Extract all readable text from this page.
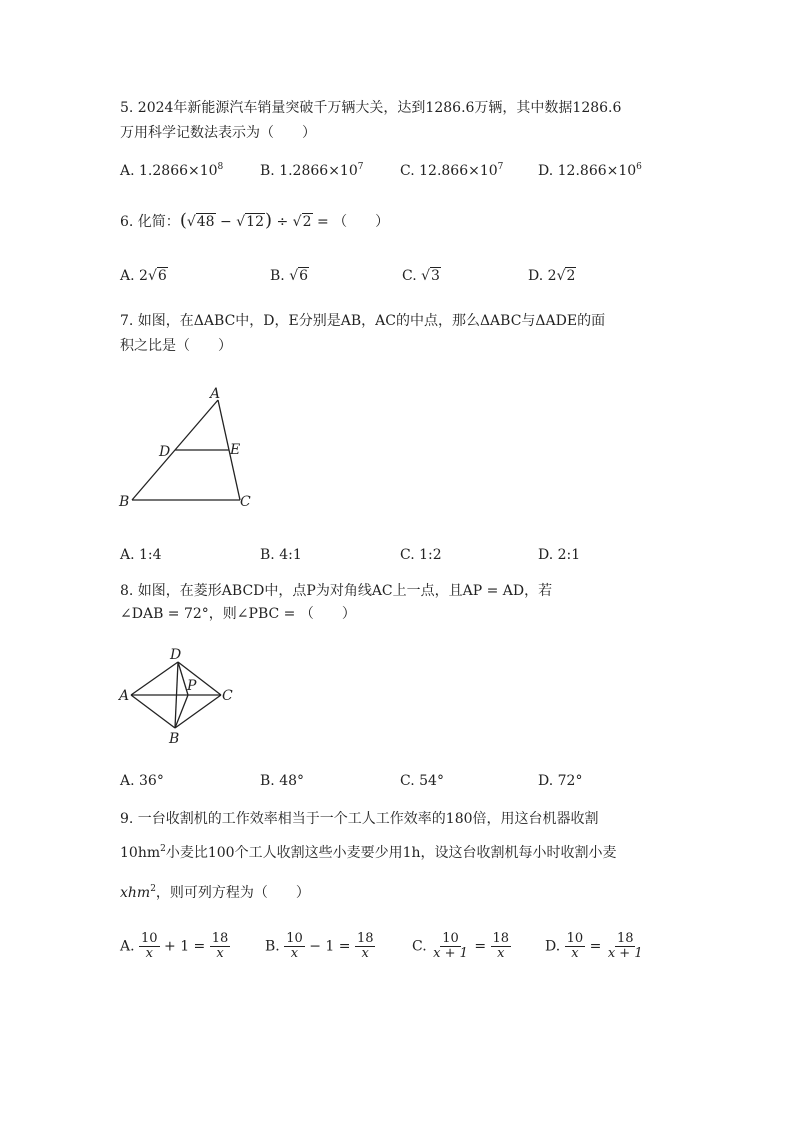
5. 2024年新能源汽车销量突破千万辆大关，达到1286.6万辆，其中数据1286.6
万用科学记数法表示为（　　）
A. $1.2866\times 10^8$	B. $1.2866\times 10^7$	C. $12.866\times 10^7$ D. $12.866\times 10^6$
6. 化简：(√48 − √12) ÷ √2 = （　　）
A. 2√6	B. √6	C. √3	D. 2√2
7. 如图，在ΔABC中，D，E分别是AB，AC的中点，那么ΔABC与ΔADE的面
积之比是（　　）
A
D	E
B	C
A. 1:4	B. 4:1	C. 1:2	D. 2:1
8. 如图，在菱形ABCD中，点P为对角线AC上一点，且AP = AD，若
∠DAB = 72°，则∠PBC = （　　）
D
A
P
C
B
A. 36°	B. 48°	C. 54°	D. 72°
9. 一台收割机的工作效率相当于一个工人工作效率的180倍，用这台机器收割
$10hm^2$小麦比100个工人收割这些小麦要少用1h，设这台收割机每小时收割小麦
xhm$^2$，则可列方程为（　　）
A. $\frac{10}{x} + 1 = \frac{18}{x} B$. $\frac{10}{x} - 1 = \frac{18}{x}$	C. $\frac{10}{x + 1} = \frac{18}{x} D$. $\frac{10}{x} = \frac{18}{x + 1}$
